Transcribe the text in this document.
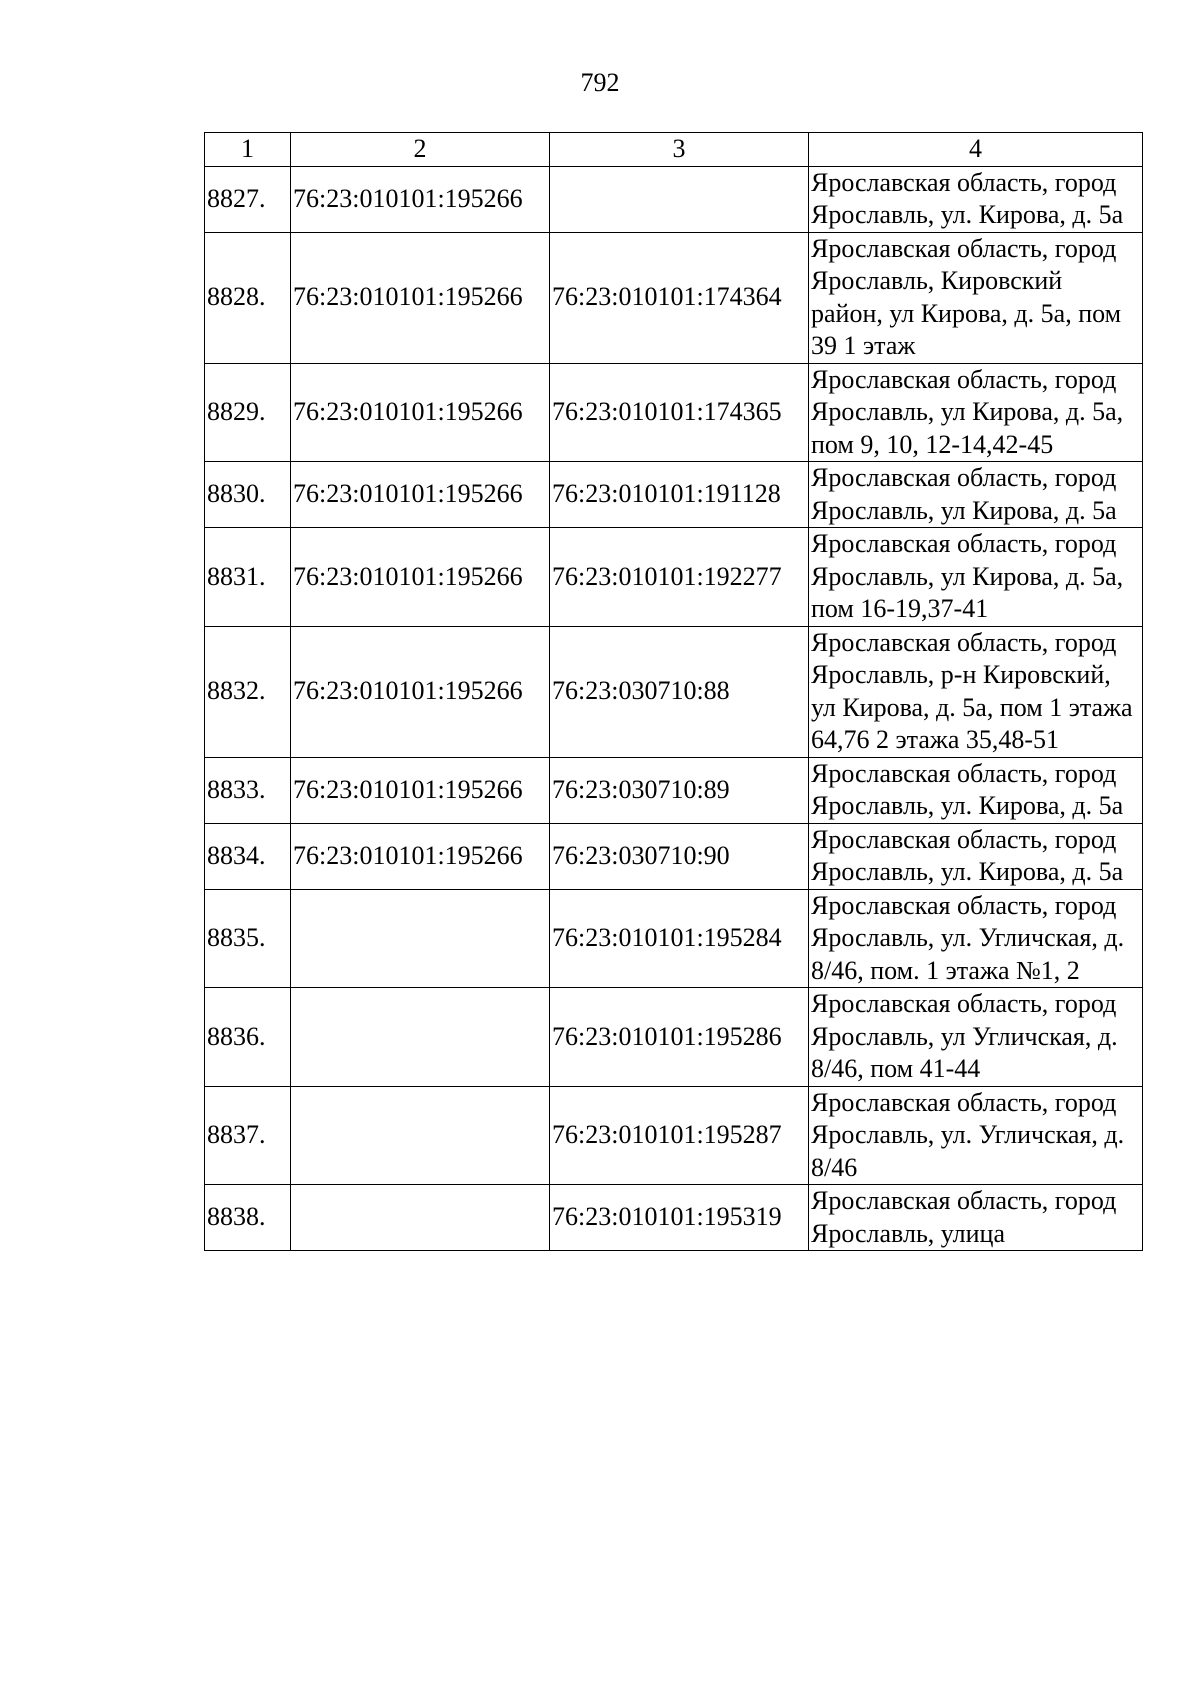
792
1	2	3	4
8827.	76:23:010101:195266		Ярославская область, город Ярославль, ул. Кирова, д. 5а
8828.	76:23:010101:195266	76:23:010101:174364	Ярославская область, город Ярославль, Кировский район, ул Кирова, д. 5а, пом 39 1 этаж
8829.	76:23:010101:195266	76:23:010101:174365	Ярославская область, город Ярославль, ул Кирова, д. 5а, пом 9, 10, 12-14,42-45
8830.	76:23:010101:195266	76:23:010101:191128	Ярославская область, город Ярославль, ул Кирова, д. 5а
8831.	76:23:010101:195266	76:23:010101:192277	Ярославская область, город Ярославль, ул Кирова, д. 5а, пом 16-19,37-41
8832.	76:23:010101:195266	76:23:030710:88	Ярославская область, город Ярославль, р-н Кировский, ул Кирова, д. 5а, пом 1 этажа 64,76 2 этажа 35,48-51
8833.	76:23:010101:195266	76:23:030710:89	Ярославская область, город Ярославль, ул. Кирова, д. 5а
8834.	76:23:010101:195266	76:23:030710:90	Ярославская область, город Ярославль, ул. Кирова, д. 5а
8835.		76:23:010101:195284	Ярославская область, город Ярославль, ул. Угличская, д. 8/46, пом. 1 этажа №1, 2
8836.		76:23:010101:195286	Ярославская область, город Ярославль, ул Угличская, д. 8/46, пом 41-44
8837.		76:23:010101:195287	Ярославская область, город Ярославль, ул. Угличская, д. 8/46
8838.		76:23:010101:195319	Ярославская область, город Ярославль, улица
